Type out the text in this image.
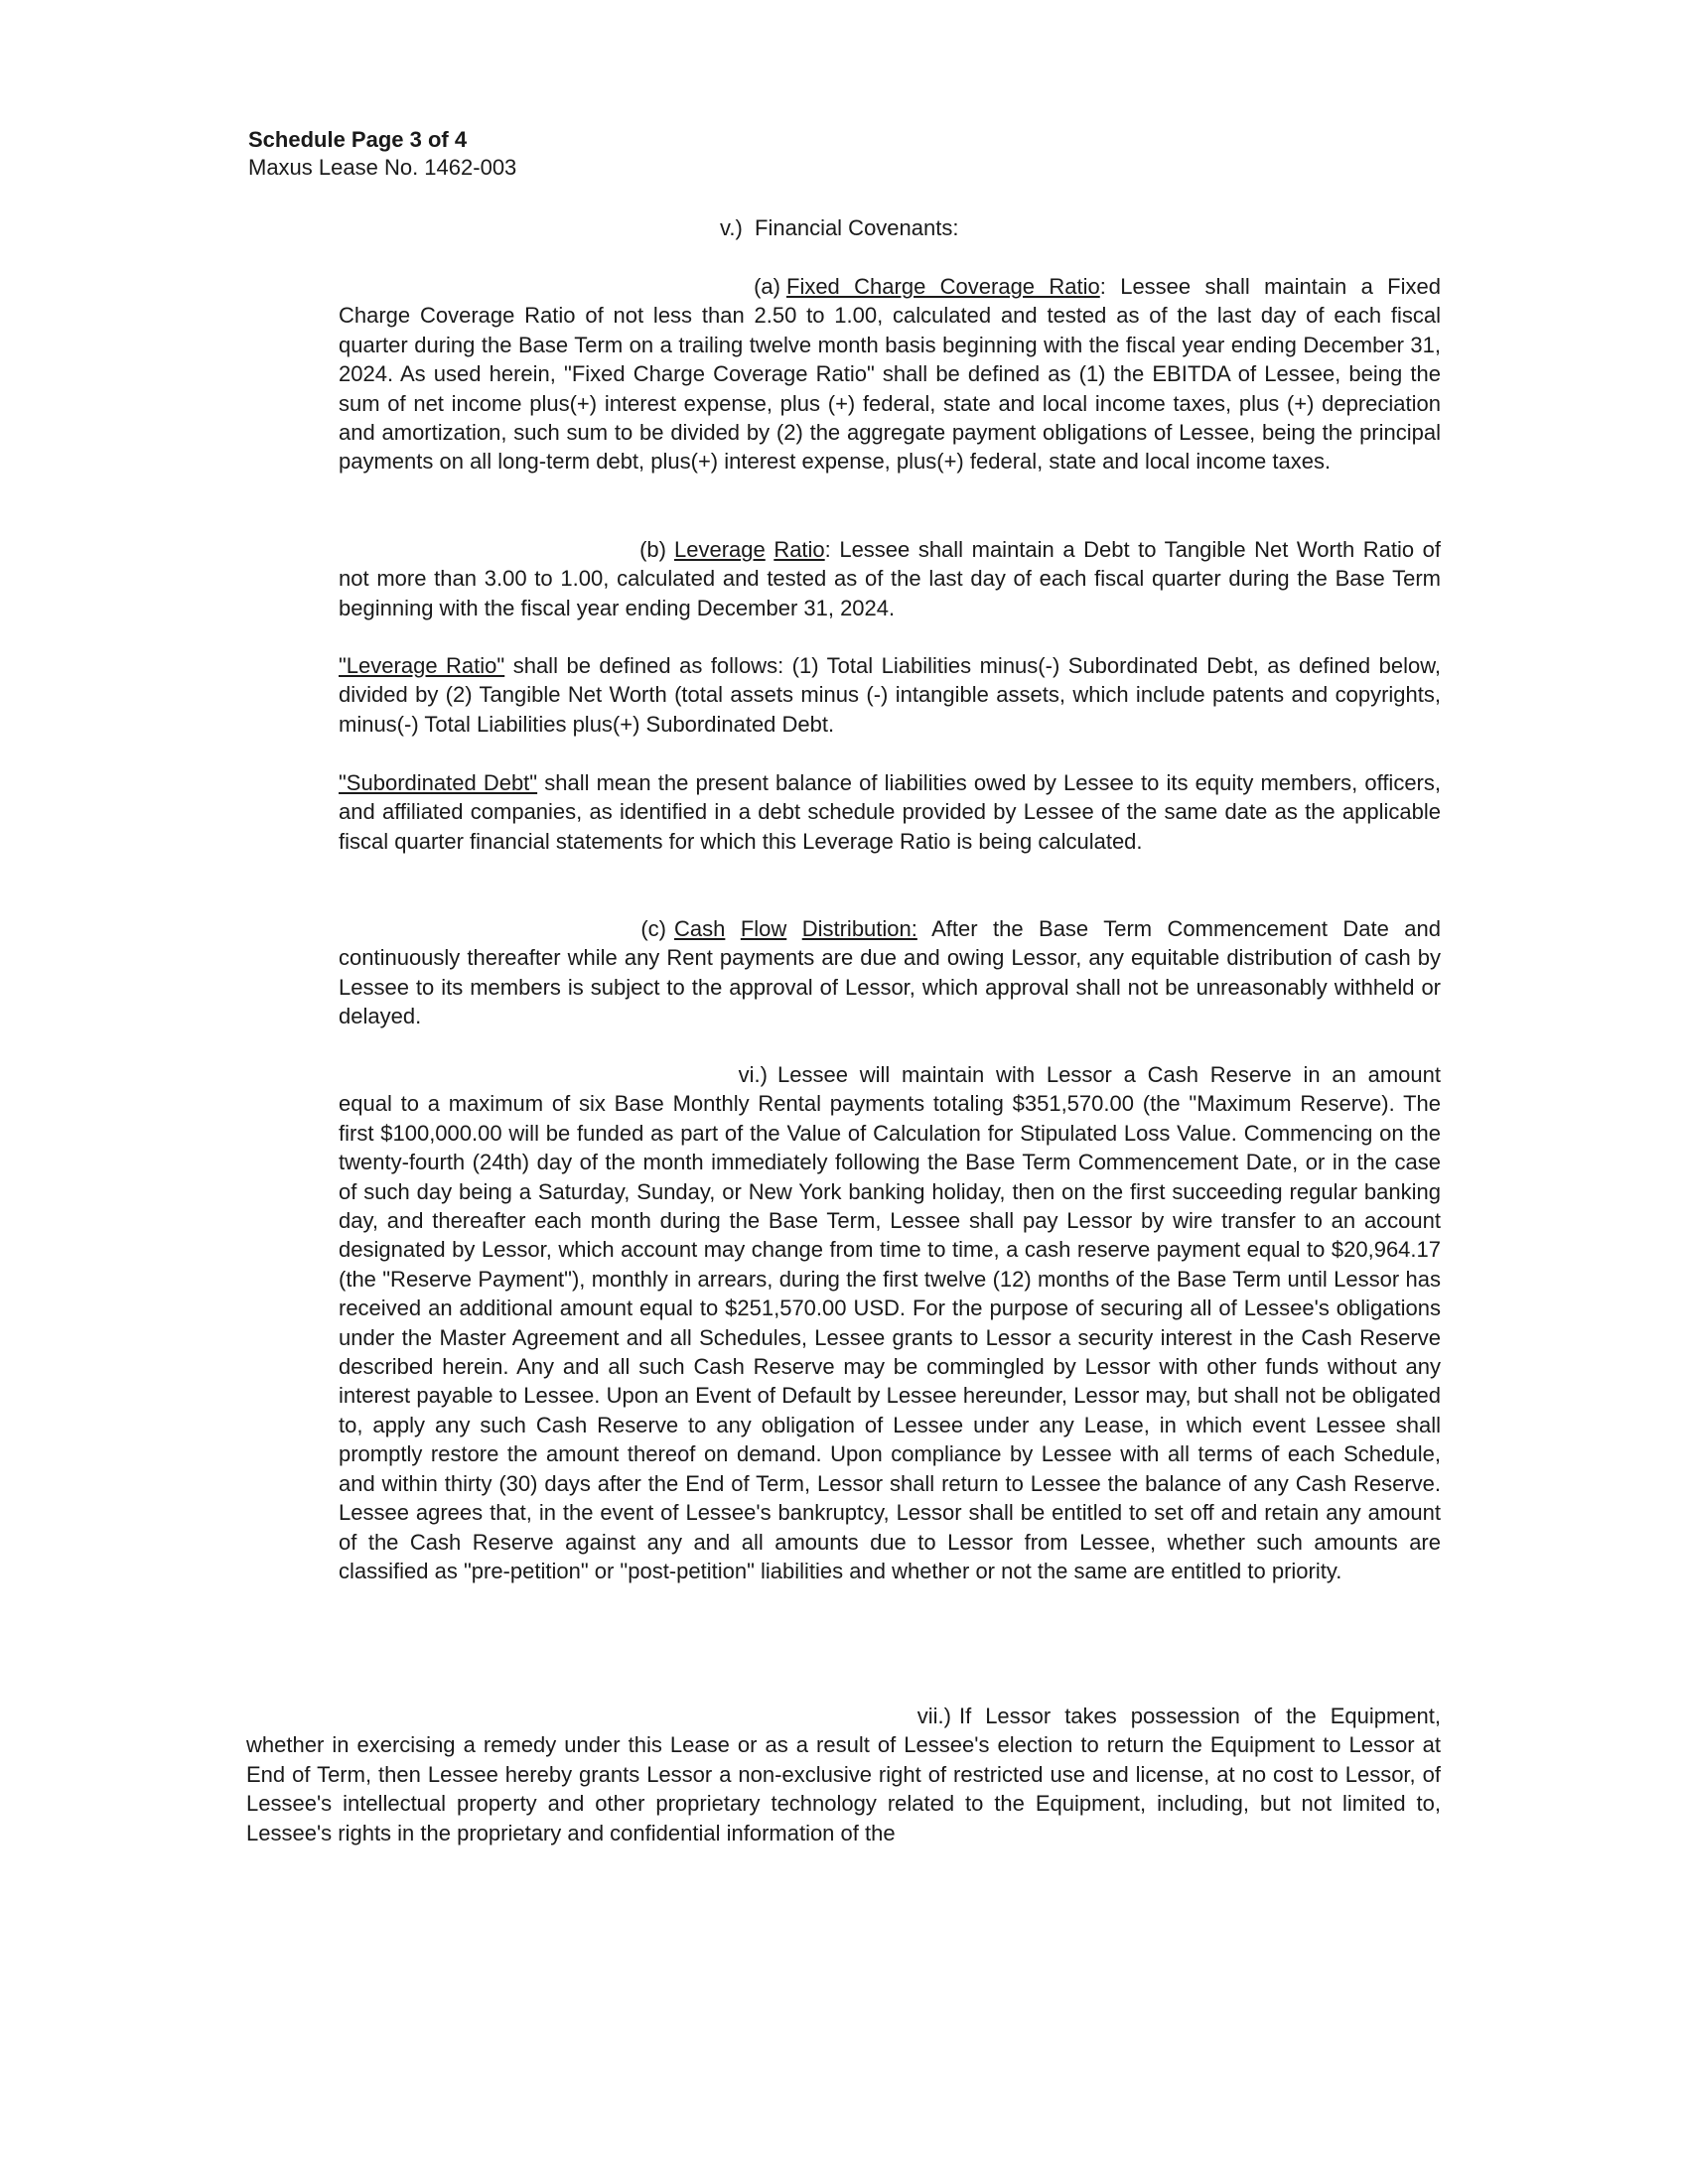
Schedule Page 3 of 4

Maxus Lease No. 1462-003

v.)  Financial Covenants:

(a) Fixed Charge Coverage Ratio: Lessee shall maintain a Fixed Charge Coverage Ratio of not less than 2.50 to 1.00, calculated and tested as of the last day of each fiscal quarter during the Base Term on a trailing twelve month basis beginning with the fiscal year ending December 31, 2024. As used herein, "Fixed Charge Coverage Ratio" shall be defined as (1) the EBITDA of Lessee, being the sum of net income plus(+) interest expense, plus (+) federal, state and local income taxes, plus (+) depreciation and amortization, such sum to be divided by (2) the aggregate payment obligations of Lessee, being the principal payments on all long-term debt, plus(+) interest expense, plus(+) federal, state and local income taxes.

(b) Leverage Ratio: Lessee shall maintain a Debt to Tangible Net Worth Ratio of not more than 3.00 to 1.00, calculated and tested as of the last day of each fiscal quarter during the Base Term beginning with the fiscal year ending December 31, 2024.

"Leverage Ratio" shall be defined as follows: (1) Total Liabilities minus(-) Subordinated Debt, as defined below, divided by (2) Tangible Net Worth (total assets minus (-) intangible assets, which include patents and copyrights, minus(-) Total Liabilities plus(+) Subordinated Debt.

"Subordinated Debt" shall mean the present balance of liabilities owed by Lessee to its equity members, officers, and affiliated companies, as identified in a debt schedule provided by Lessee of the same date as the applicable fiscal quarter financial statements for which this Leverage Ratio is being calculated.

(c) Cash Flow Distribution: After the Base Term Commencement Date and continuously thereafter while any Rent payments are due and owing Lessor, any equitable distribution of cash by Lessee to its members is subject to the approval of Lessor, which approval shall not be unreasonably withheld or delayed.

vi.) Lessee will maintain with Lessor a Cash Reserve in an amount equal to a maximum of six Base Monthly Rental payments totaling $351,570.00 (the "Maximum Reserve). The first $100,000.00 will be funded as part of the Value of Calculation for Stipulated Loss Value. Commencing on the twenty-fourth (24th) day of the month immediately following the Base Term Commencement Date, or in the case of such day being a Saturday, Sunday, or New York banking holiday, then on the first succeeding regular banking day, and thereafter each month during the Base Term, Lessee shall pay Lessor by wire transfer to an account designated by Lessor, which account may change from time to time, a cash reserve payment equal to $20,964.17 (the "Reserve Payment"), monthly in arrears, during the first twelve (12) months of the Base Term until Lessor has received an additional amount equal to $251,570.00 USD. For the purpose of securing all of Lessee's obligations under the Master Agreement and all Schedules, Lessee grants to Lessor a security interest in the Cash Reserve described herein. Any and all such Cash Reserve may be commingled by Lessor with other funds without any interest payable to Lessee. Upon an Event of Default by Lessee hereunder, Lessor may, but shall not be obligated to, apply any such Cash Reserve to any obligation of Lessee under any Lease, in which event Lessee shall promptly restore the amount thereof on demand. Upon compliance by Lessee with all terms of each Schedule, and within thirty (30) days after the End of Term, Lessor shall return to Lessee the balance of any Cash Reserve. Lessee agrees that, in the event of Lessee's bankruptcy, Lessor shall be entitled to set off and retain any amount of the Cash Reserve against any and all amounts due to Lessor from Lessee, whether such amounts are classified as "pre-petition" or "post-petition" liabilities and whether or not the same are entitled to priority.

vii.) If Lessor takes possession of the Equipment, whether in exercising a remedy under this Lease or as a result of Lessee's election to return the Equipment to Lessor at End of Term, then Lessee hereby grants Lessor a non-exclusive right of restricted use and license, at no cost to Lessor, of Lessee's intellectual property and other proprietary technology related to the Equipment, including, but not limited to, Lessee's rights in the proprietary and confidential information of the
